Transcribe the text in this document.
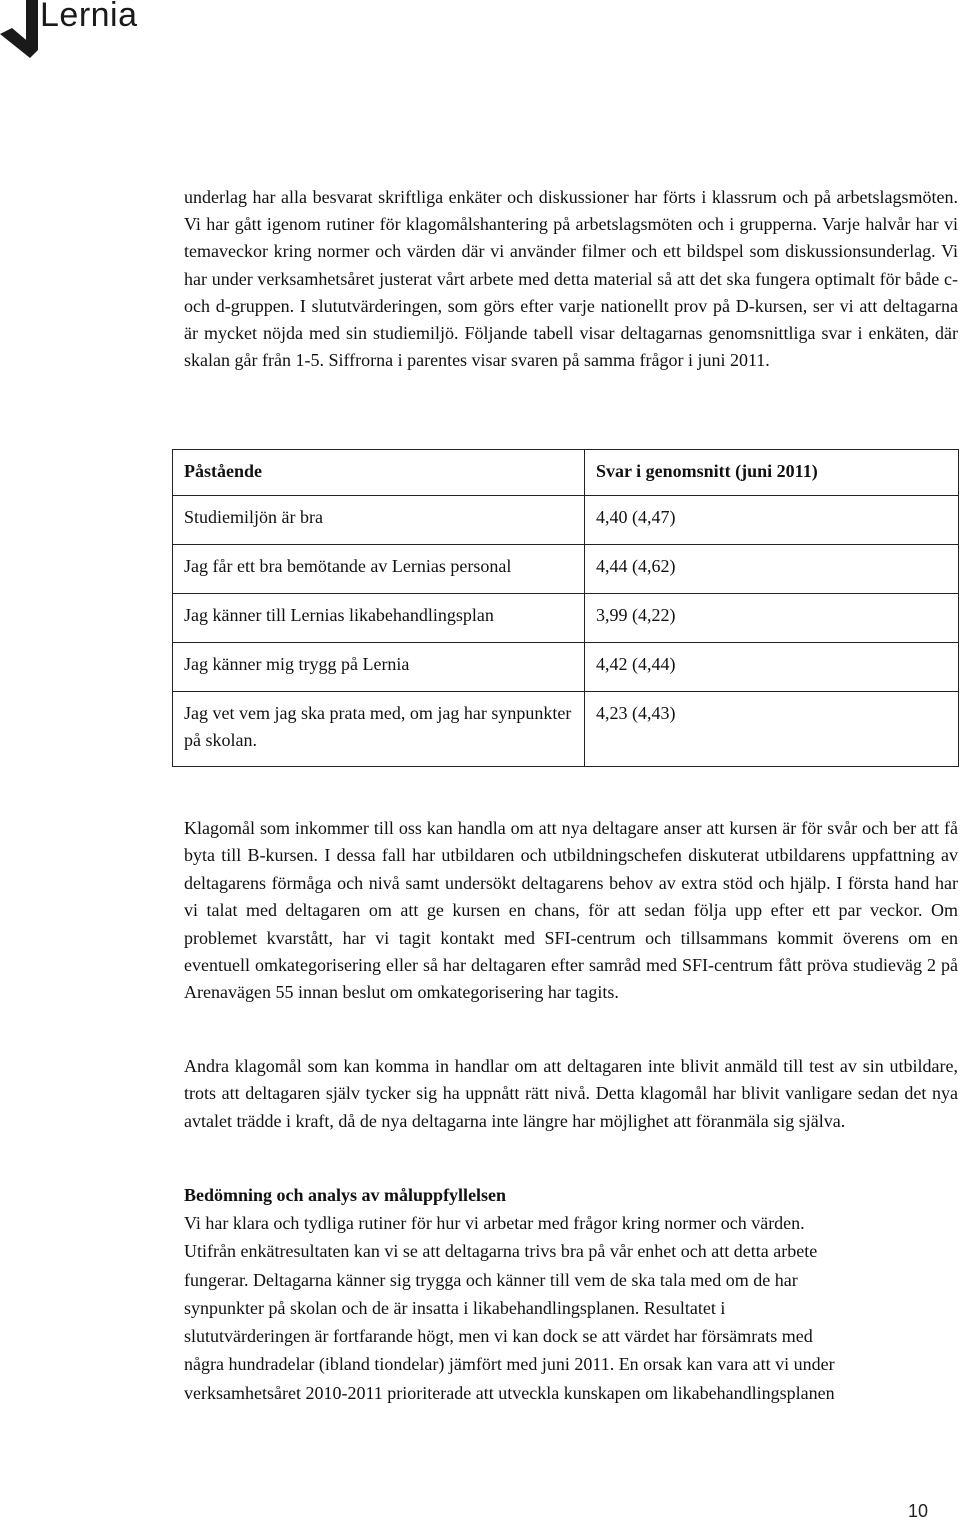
Lernia

underlag har alla besvarat skriftliga enkäter och diskussioner har förts i klassrum och på arbetslagsmöten. Vi har gått igenom rutiner för klagomålshantering på arbetslagsmöten och i grupperna. Varje halvår har vi temaveckor kring normer och värden där vi använder filmer och ett bildspel som diskussionsunderlag. Vi har under verksamhetsåret justerat vårt arbete med detta material så att det ska fungera optimalt för både c- och d-gruppen. I slututvärderingen, som görs efter varje nationellt prov på D-kursen, ser vi att deltagarna är mycket nöjda med sin studiemiljö. Följande tabell visar deltagarnas genomsnittliga svar i enkäten, där skalan går från 1-5. Siffrorna i parentes visar svaren på samma frågor i juni 2011.

Påstående	Svar i genomsnitt (juni 2011)
Studiemiljön är bra	4,40 (4,47)
Jag får ett bra bemötande av Lernias personal	4,44 (4,62)
Jag känner till Lernias likabehandlingsplan	3,99 (4,22)
Jag känner mig trygg på Lernia	4,42 (4,44)
Jag vet vem jag ska prata med, om jag har synpunkter på skolan.	4,23 (4,43)

Klagomål som inkommer till oss kan handla om att nya deltagare anser att kursen är för svår och ber att få byta till B-kursen. I dessa fall har utbildaren och utbildningschefen diskuterat utbildarens uppfattning av deltagarens förmåga och nivå samt undersökt deltagarens behov av extra stöd och hjälp. I första hand har vi talat med deltagaren om att ge kursen en chans, för att sedan följa upp efter ett par veckor. Om problemet kvarstått, har vi tagit kontakt med SFI-centrum och tillsammans kommit överens om en eventuell omkategorisering eller så har deltagaren efter samråd med SFI-centrum fått pröva studieväg 2 på Arenavägen 55 innan beslut om omkategorisering har tagits.

Andra klagomål som kan komma in handlar om att deltagaren inte blivit anmäld till test av sin utbildare, trots att deltagaren själv tycker sig ha uppnått rätt nivå. Detta klagomål har blivit vanligare sedan det nya avtalet trädde i kraft, då de nya deltagarna inte längre har möjlighet att föranmäla sig själva.

Bedömning och analys av måluppfyllelsen

Vi har klara och tydliga rutiner för hur vi arbetar med frågor kring normer och värden.
Utifrån enkätresultaten kan vi se att deltagarna trivs bra på vår enhet och att detta arbete
fungerar. Deltagarna känner sig trygga och känner till vem de ska tala med om de har
synpunkter på skolan och de är insatta i likabehandlingsplanen. Resultatet i
slututvärderingen är fortfarande högt, men vi kan dock se att värdet har försämrats med
några hundradelar (ibland tiondelar) jämfört med juni 2011. En orsak kan vara att vi under
verksamhetsåret 2010-2011 prioriterade att utveckla kunskapen om likabehandlingsplanen

10
